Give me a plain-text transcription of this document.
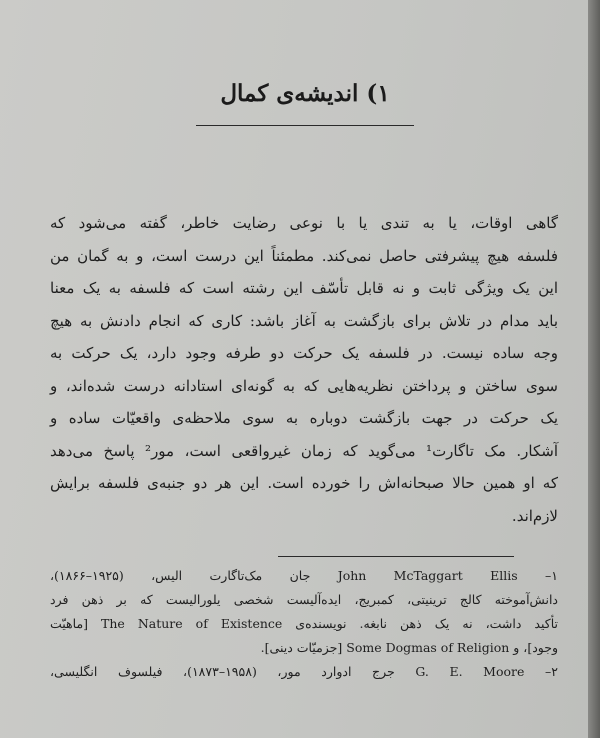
۱) اندیشه‌ی کمال
گاهی اوقات، یا به تندی یا با نوعی رضایت خاطر، گفته می‌شود که
فلسفه هیچ پیشرفتی حاصل نمی‌کند. مطمئناً این درست است، و به گمان من
این یک ویژگی ثابت و نه قابل تأسّف این رشته است که فلسفه به یک معنا
باید مدام در تلاش برای بازگشت به آغاز باشد: کاری که انجام دادنش به هیچ
وجه ساده نیست. در فلسفه یک حرکت دو طرفه وجود دارد، یک حرکت به
سوی ساختن و پرداختن نظریه‌هایی که به گونه‌ای استادانه درست شده‌اند، و
یک حرکت در جهت بازگشت دوباره به سوی ملاحظه‌ی واقعیّات ساده و
آشکار. مک تاگارت¹ می‌گوید که زمان غیرواقعی است، مور² پاسخ می‌دهد
که او همین حالا صبحانه‌اش را خورده است. این هر دو جنبه‌ی فلسفه برایش
لازم‌اند.
۱– John McTaggart Ellis جان مک‌تاگارت الیس، (۱۹۲۵–۱۸۶۶)،
دانش‌آموخته کالج ترینیتی، کمبریج، ایده‌آلیست شخصی یلورالیست که بر ذهن فرد
تأکید داشت، نه یک ذهن نابغه. نویسنده‌ی The Nature of Existence [ماهیّت
وجود]، و Some Dogmas of Religion [جزمیّات دینی].
۲– G. E. Moore جرج ادوارد مور، (۱۹۵۸–۱۸۷۳)، فیلسوف انگلیسی،
